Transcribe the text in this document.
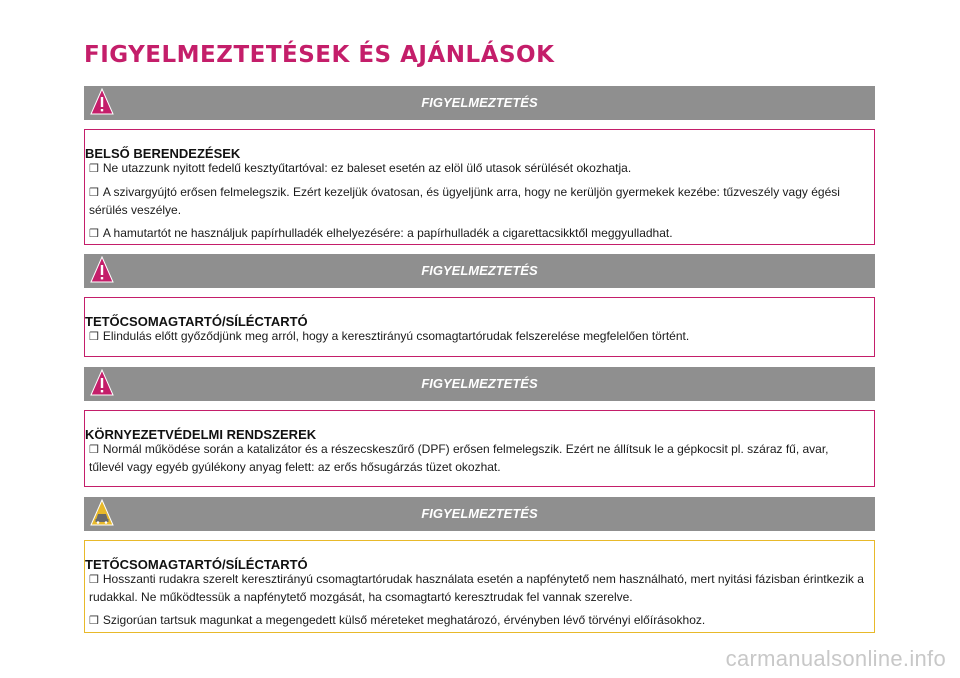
FIGYELMEZTETÉSEK ÉS AJÁNLÁSOK
FIGYELMEZTETÉS
BELSŐ BERENDEZÉSEK

❒ Ne utazzunk nyitott fedelű kesztyűtartóval: ez baleset esetén az elöl ülő utasok sérülését okozhatja.

❒ A szivargyújtó erősen felmelegszik. Ezért kezeljük óvatosan, és ügyeljünk arra, hogy ne kerüljön gyermekek kezébe: tűzveszély vagy égési sérülés veszélye.

❒ A hamutartót ne használjuk papírhulladék elhelyezésére: a papírhulladék a cigarettacsikktől meggyulladhat.

FIGYELMEZTETÉS
TETŐCSOMAGTARTÓ/SÍLÉCTARTÓ

❒ Elindulás előtt győződjünk meg arról, hogy a keresztirányú csomagtartórudak felszerelése megfelelően történt.

FIGYELMEZTETÉS
KÖRNYEZETVÉDELMI RENDSZEREK

❒ Normál működése során a katalizátor és a részecskeszűrő (DPF) erősen felmelegszik. Ezért ne állítsuk le a gépkocsit pl. száraz fű, avar, tűlevél vagy egyéb gyúlékony anyag felett: az erős hősugárzás tüzet okozhat.

FIGYELMEZTETÉS
TETŐCSOMAGTARTÓ/SÍLÉCTARTÓ

❒ Hosszanti rudakra szerelt keresztirányú csomagtartórudak használata esetén a napfénytető nem használható, mert nyitási fázisban érintkezik a rudakkal. Ne működtessük a napfénytető mozgását, ha csomagtartó keresztrudak fel vannak szerelve.

❒ Szigorúan tartsuk magunkat a megengedett külső méreteket meghatározó, érvényben lévő törvényi előírásokhoz.

carmanualsonline.info
